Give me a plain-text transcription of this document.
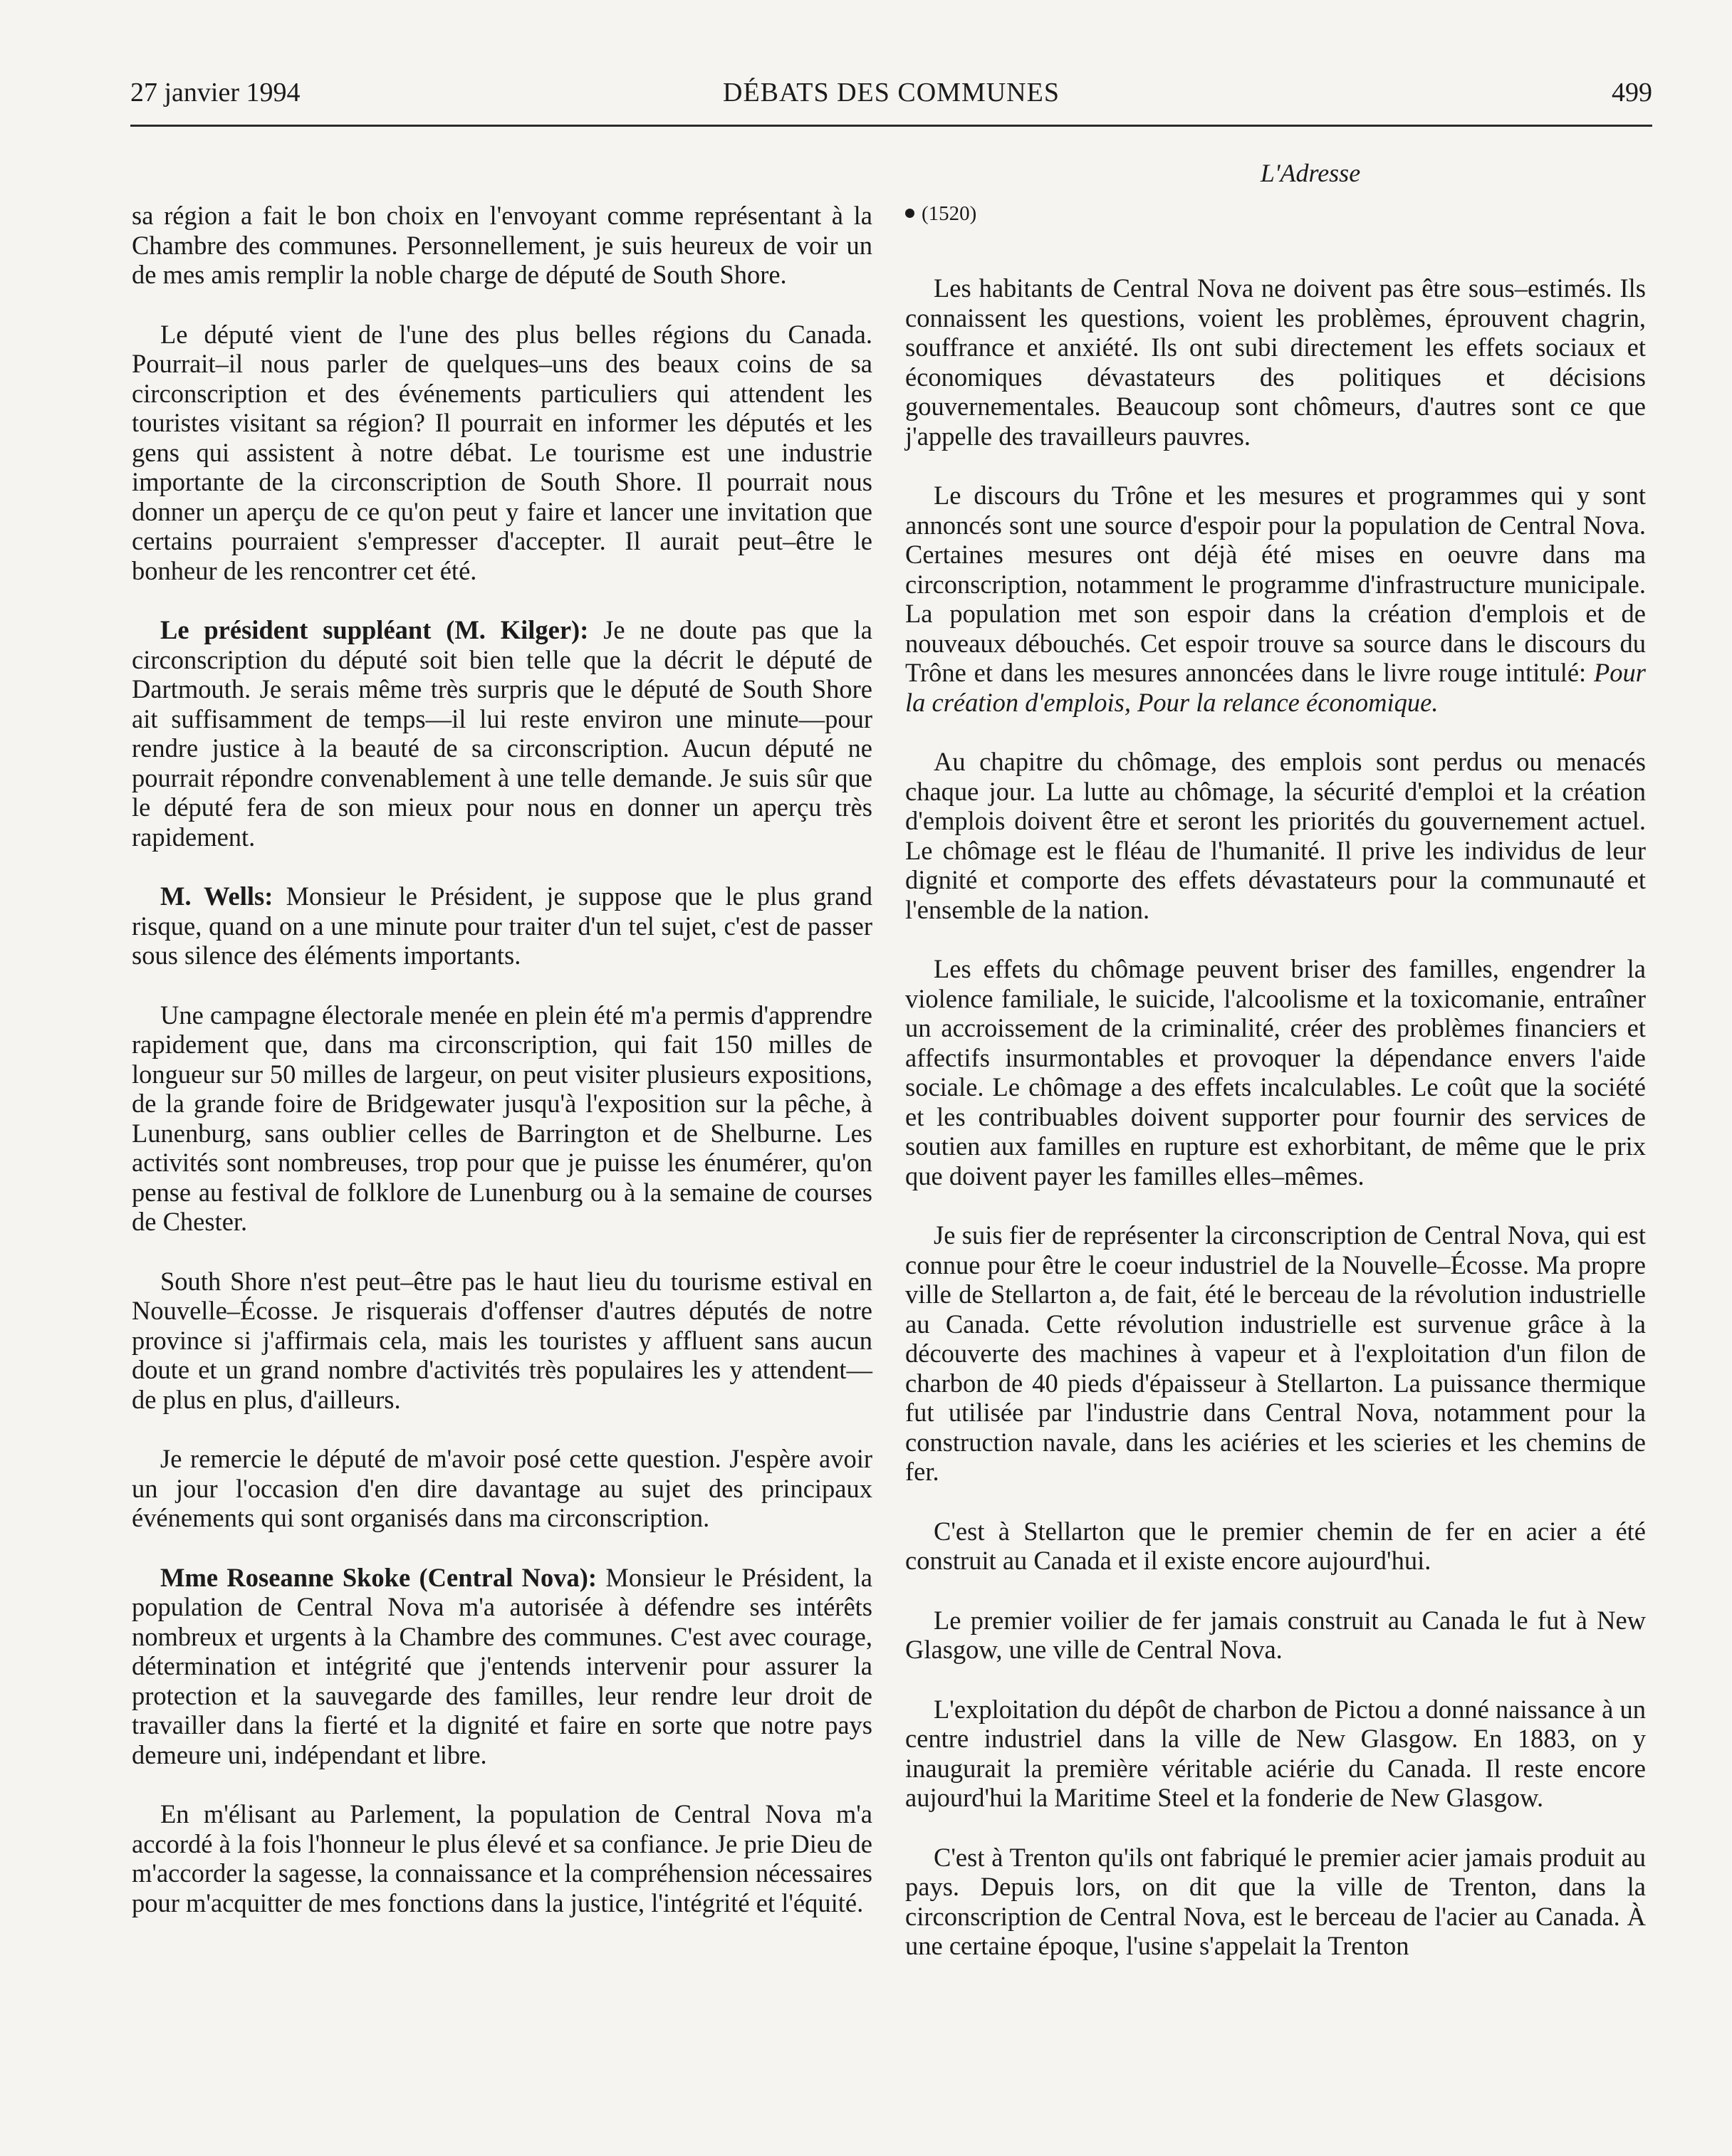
27 janvier 1994	DÉBATS DES COMMUNES	499
L'Adresse

sa région a fait le bon choix en l'envoyant comme représentant à la Chambre des communes. Personnellement, je suis heureux de voir un de mes amis remplir la noble charge de député de South Shore.

Le député vient de l'une des plus belles régions du Canada. Pourrait–il nous parler de quelques–uns des beaux coins de sa circonscription et des événements particuliers qui attendent les touristes visitant sa région? Il pourrait en informer les députés et les gens qui assistent à notre débat. Le tourisme est une industrie importante de la circonscription de South Shore. Il pourrait nous donner un aperçu de ce qu'on peut y faire et lancer une invitation que certains pourraient s'empresser d'accepter. Il aurait peut–être le bonheur de les rencontrer cet été.

Le président suppléant (M. Kilger): Je ne doute pas que la circonscription du député soit bien telle que la décrit le député de Dartmouth. Je serais même très surpris que le député de South Shore ait suffisamment de temps—il lui reste environ une minute—pour rendre justice à la beauté de sa circonscription. Aucun député ne pourrait répondre convenablement à une telle demande. Je suis sûr que le député fera de son mieux pour nous en donner un aperçu très rapidement.

M. Wells: Monsieur le Président, je suppose que le plus grand risque, quand on a une minute pour traiter d'un tel sujet, c'est de passer sous silence des éléments importants.

Une campagne électorale menée en plein été m'a permis d'apprendre rapidement que, dans ma circonscription, qui fait 150 milles de longueur sur 50 milles de largeur, on peut visiter plusieurs expositions, de la grande foire de Bridgewater jusqu'à l'exposition sur la pêche, à Lunenburg, sans oublier celles de Barrington et de Shelburne. Les activités sont nombreuses, trop pour que je puisse les énumérer, qu'on pense au festival de folklore de Lunenburg ou à la semaine de courses de Chester.

South Shore n'est peut–être pas le haut lieu du tourisme estival en Nouvelle–Écosse. Je risquerais d'offenser d'autres députés de notre province si j'affirmais cela, mais les touristes y affluent sans aucun doute et un grand nombre d'activités très populaires les y attendent—de plus en plus, d'ailleurs.

Je remercie le député de m'avoir posé cette question. J'espère avoir un jour l'occasion d'en dire davantage au sujet des principaux événements qui sont organisés dans ma circonscription.

Mme Roseanne Skoke (Central Nova): Monsieur le Président, la population de Central Nova m'a autorisée à défendre ses intérêts nombreux et urgents à la Chambre des communes. C'est avec courage, détermination et intégrité que j'entends intervenir pour assurer la protection et la sauvegarde des familles, leur rendre leur droit de travailler dans la fierté et la dignité et faire en sorte que notre pays demeure uni, indépendant et libre.

En m'élisant au Parlement, la population de Central Nova m'a accordé à la fois l'honneur le plus élevé et sa confiance. Je prie Dieu de m'accorder la sagesse, la connaissance et la compréhension nécessaires pour m'acquitter de mes fonctions dans la justice, l'intégrité et l'équité.

(1520)

Les habitants de Central Nova ne doivent pas être sous–estimés. Ils connaissent les questions, voient les problèmes, éprouvent chagrin, souffrance et anxiété. Ils ont subi directement les effets sociaux et économiques dévastateurs des politiques et décisions gouvernementales. Beaucoup sont chômeurs, d'autres sont ce que j'appelle des travailleurs pauvres.

Le discours du Trône et les mesures et programmes qui y sont annoncés sont une source d'espoir pour la population de Central Nova. Certaines mesures ont déjà été mises en oeuvre dans ma circonscription, notamment le programme d'infrastructure municipale. La population met son espoir dans la création d'emplois et de nouveaux débouchés. Cet espoir trouve sa source dans le discours du Trône et dans les mesures annoncées dans le livre rouge intitulé: Pour la création d'emplois, Pour la relance économique.

Au chapitre du chômage, des emplois sont perdus ou menacés chaque jour. La lutte au chômage, la sécurité d'emploi et la création d'emplois doivent être et seront les priorités du gouvernement actuel. Le chômage est le fléau de l'humanité. Il prive les individus de leur dignité et comporte des effets dévastateurs pour la communauté et l'ensemble de la nation.

Les effets du chômage peuvent briser des familles, engendrer la violence familiale, le suicide, l'alcoolisme et la toxicomanie, entraîner un accroissement de la criminalité, créer des problèmes financiers et affectifs insurmontables et provoquer la dépendance envers l'aide sociale. Le chômage a des effets incalculables. Le coût que la société et les contribuables doivent supporter pour fournir des services de soutien aux familles en rupture est exhorbitant, de même que le prix que doivent payer les familles elles–mêmes.

Je suis fier de représenter la circonscription de Central Nova, qui est connue pour être le coeur industriel de la Nouvelle–Écosse. Ma propre ville de Stellarton a, de fait, été le berceau de la révolution industrielle au Canada. Cette révolution industrielle est survenue grâce à la découverte des machines à vapeur et à l'exploitation d'un filon de charbon de 40 pieds d'épaisseur à Stellarton. La puissance thermique fut utilisée par l'industrie dans Central Nova, notamment pour la construction navale, dans les aciéries et les scieries et les chemins de fer.

C'est à Stellarton que le premier chemin de fer en acier a été construit au Canada et il existe encore aujourd'hui.

Le premier voilier de fer jamais construit au Canada le fut à New Glasgow, une ville de Central Nova.

L'exploitation du dépôt de charbon de Pictou a donné naissance à un centre industriel dans la ville de New Glasgow. En 1883, on y inaugurait la première véritable aciérie du Canada. Il reste encore aujourd'hui la Maritime Steel et la fonderie de New Glasgow.

C'est à Trenton qu'ils ont fabriqué le premier acier jamais produit au pays. Depuis lors, on dit que la ville de Trenton, dans la circonscription de Central Nova, est le berceau de l'acier au Canada. À une certaine époque, l'usine s'appelait la Trenton
